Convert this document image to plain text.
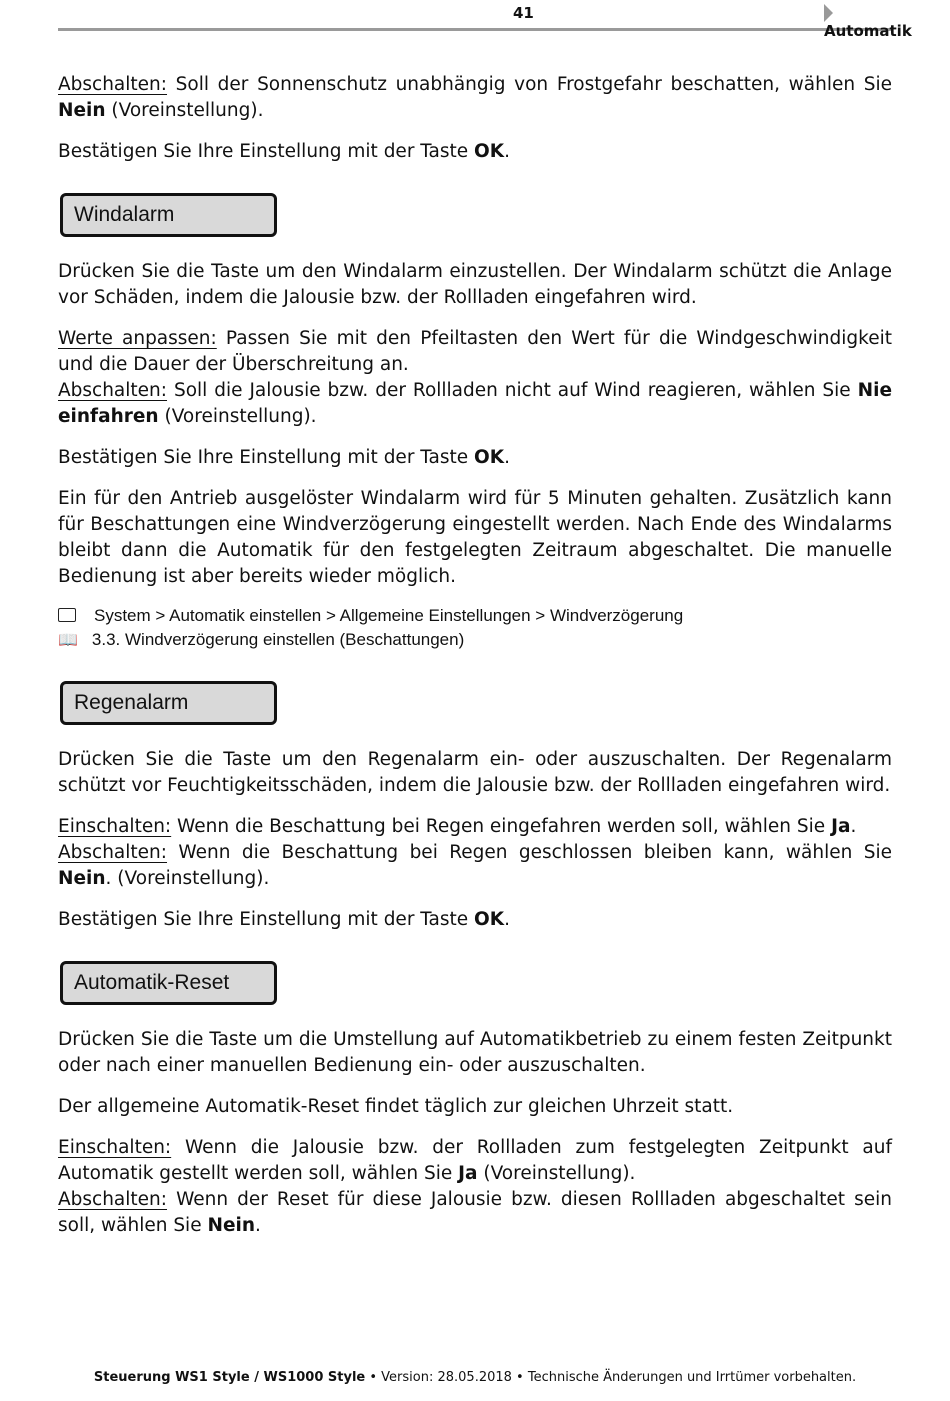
41
Automatik

Abschalten: Soll der Sonnenschutz unabhängig von Frostgefahr beschatten, wählen Sie Nein (Voreinstellung).

Bestätigen Sie Ihre Einstellung mit der Taste OK.

Windalarm

Drücken Sie die Taste um den Windalarm einzustellen. Der Windalarm schützt die Anlage vor Schäden, indem die Jalousie bzw. der Rollladen eingefahren wird.

Werte anpassen: Passen Sie mit den Pfeiltasten den Wert für die Windgeschwindigkeit und die Dauer der Überschreitung an.
Abschalten: Soll die Jalousie bzw. der Rollladen nicht auf Wind reagieren, wählen Sie Nie einfahren (Voreinstellung).

Bestätigen Sie Ihre Einstellung mit der Taste OK.

Ein für den Antrieb ausgelöster Windalarm wird für 5 Minuten gehalten. Zusätzlich kann für Beschattungen eine Windverzögerung eingestellt werden. Nach Ende des Windalarms bleibt dann die Automatik für den festgelegten Zeitraum abgeschaltet. Die manuelle Bedienung ist aber bereits wieder möglich.

System > Automatik einstellen > Allgemeine Einstellungen > Windverzögerung

📖 3.3. Windverzögerung einstellen (Beschattungen)

Regenalarm

Drücken Sie die Taste um den Regenalarm ein- oder auszuschalten. Der Regenalarm schützt vor Feuchtigkeitsschäden, indem die Jalousie bzw. der Rollladen eingefahren wird.

Einschalten: Wenn die Beschattung bei Regen eingefahren werden soll, wählen Sie Ja.
Abschalten: Wenn die Beschattung bei Regen geschlossen bleiben kann, wählen Sie Nein. (Voreinstellung).

Bestätigen Sie Ihre Einstellung mit der Taste OK.

Automatik-Reset

Drücken Sie die Taste um die Umstellung auf Automatikbetrieb zu einem festen Zeitpunkt oder nach einer manuellen Bedienung ein- oder auszuschalten.

Der allgemeine Automatik-Reset findet täglich zur gleichen Uhrzeit statt.

Einschalten: Wenn die Jalousie bzw. der Rollladen zum festgelegten Zeitpunkt auf Automatik gestellt werden soll, wählen Sie Ja (Voreinstellung).
Abschalten: Wenn der Reset für diese Jalousie bzw. diesen Rollladen abgeschaltet sein soll, wählen Sie Nein.

Steuerung WS1 Style / WS1000 Style • Version: 28.05.2018 • Technische Änderungen und Irrtümer vorbehalten.
